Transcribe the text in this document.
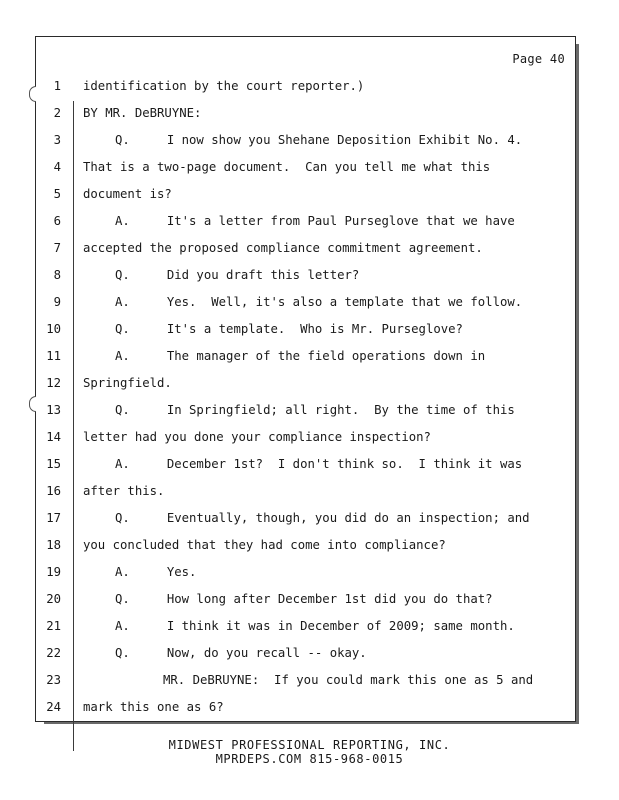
Page 40
1 identification by the court reporter.)
2 BY MR. DeBRUYNE:
3	Q.     I now show you Shehane Deposition Exhibit No. 4.
4 That is a two-page document.  Can you tell me what this
5 document is?
6	A.     It's a letter from Paul Purseglove that we have
7 accepted the proposed compliance commitment agreement.
8	Q.     Did you draft this letter?
9	A.     Yes.  Well, it's also a template that we follow.
10	Q.     It's a template.  Who is Mr. Purseglove?
11	A.     The manager of the field operations down in
12 Springfield.
13	Q.     In Springfield; all right.  By the time of this
14 letter had you done your compliance inspection?
15	A.     December 1st?  I don't think so.  I think it was
16 after this.
17	Q.     Eventually, though, you did do an inspection; and
18 you concluded that they had come into compliance?
19	A.     Yes.
20	Q.     How long after December 1st did you do that?
21	A.     I think it was in December of 2009; same month.
22	Q.     Now, do you recall -- okay.
23	MR. DeBRUYNE:  If you could mark this one as 5 and
24 mark this one as 6?
MIDWEST PROFESSIONAL REPORTING, INC.
MPRDEPS.COM 815-968-0015
